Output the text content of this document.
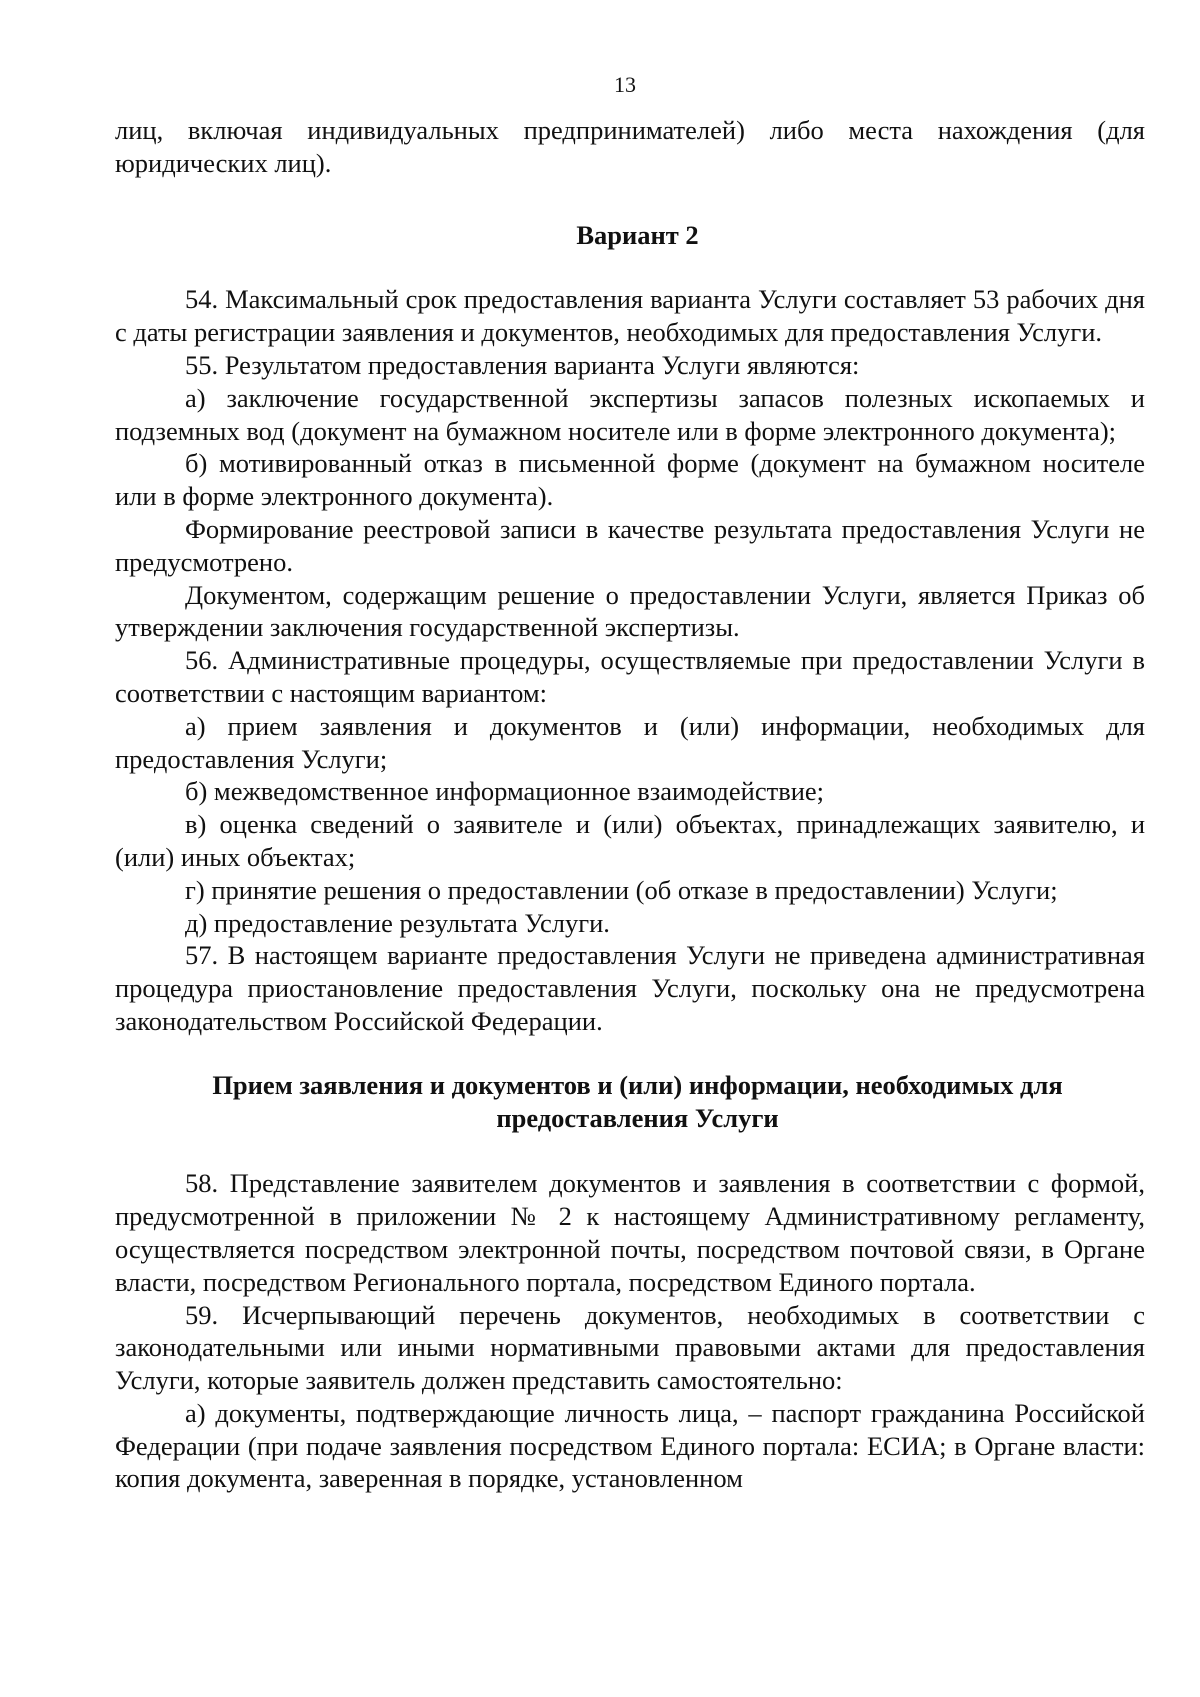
13

лиц, включая индивидуальных предпринимателей) либо места нахождения (для юридических лиц).

Вариант 2

54. Максимальный срок предоставления варианта Услуги составляет 53 рабочих дня с даты регистрации заявления и документов, необходимых для предоставления Услуги.

55. Результатом предоставления варианта Услуги являются:

а) заключение государственной экспертизы запасов полезных ископаемых и подземных вод (документ на бумажном носителе или в форме электронного документа);

б) мотивированный отказ в письменной форме (документ на бумажном носителе или в форме электронного документа).

Формирование реестровой записи в качестве результата предоставления Услуги не предусмотрено.

Документом, содержащим решение о предоставлении Услуги, является Приказ об утверждении заключения государственной экспертизы.

56. Административные процедуры, осуществляемые при предоставлении Услуги в соответствии с настоящим вариантом:

а) прием заявления и документов и (или) информации, необходимых для предоставления Услуги;

б) межведомственное информационное взаимодействие;

в) оценка сведений о заявителе и (или) объектах, принадлежащих заявителю, и (или) иных объектах;

г) принятие решения о предоставлении (об отказе в предоставлении) Услуги;

д) предоставление результата Услуги.

57. В настоящем варианте предоставления Услуги не приведена административная процедура приостановление предоставления Услуги, поскольку она не предусмотрена законодательством Российской Федерации.

Прием заявления и документов и (или) информации, необходимых для предоставления Услуги

58. Представление заявителем документов и заявления в соответствии с формой, предусмотренной в приложении № 2 к настоящему Административному регламенту, осуществляется посредством электронной почты, посредством почтовой связи, в Органе власти, посредством Регионального портала, посредством Единого портала.

59. Исчерпывающий перечень документов, необходимых в соответствии с законодательными или иными нормативными правовыми актами для предоставления Услуги, которые заявитель должен представить самостоятельно:

а) документы, подтверждающие личность лица, – паспорт гражданина Российской Федерации (при подаче заявления посредством Единого портала: ЕСИА; в Органе власти: копия документа, заверенная в порядке, установленном
